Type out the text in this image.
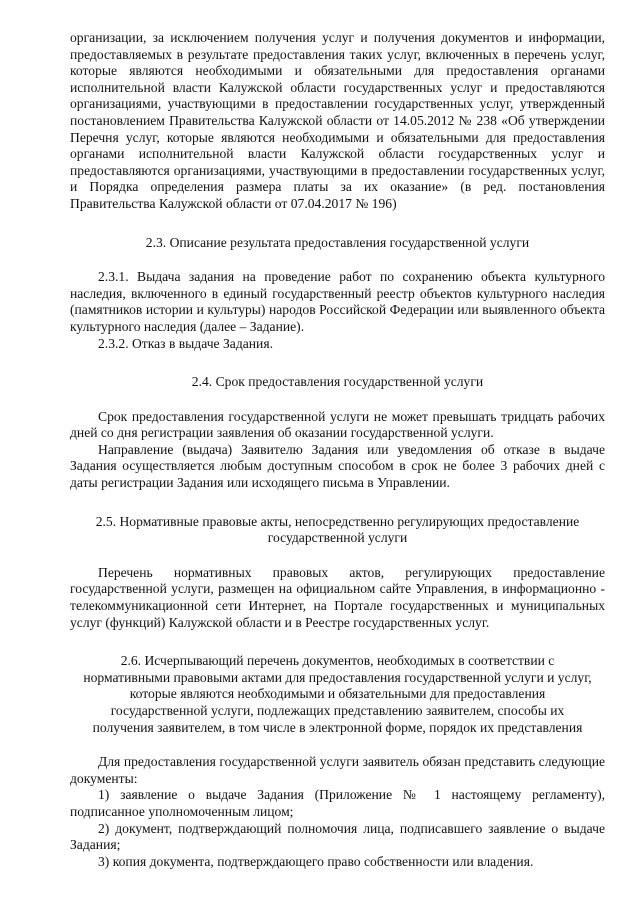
организации, за исключением получения услуг и получения документов и информации, предоставляемых в результате предоставления таких услуг, включенных в перечень услуг, которые являются необходимыми и обязательными для предоставления органами исполнительной власти Калужской области государственных услуг и предоставляются организациями, участвующими в предоставлении государственных услуг, утвержденный постановлением Правительства Калужской области от 14.05.2012 № 238 «Об утверждении Перечня услуг, которые являются необходимыми и обязательными для предоставления органами исполнительной власти Калужской области государственных услуг и предоставляются организациями, участвующими в предоставлении государственных услуг, и Порядка определения размера платы за их оказание» (в ред. постановления Правительства Калужской области от 07.04.2017 № 196)

2.3. Описание результата предоставления государственной услуги

2.3.1. Выдача задания на проведение работ по сохранению объекта культурного наследия, включенного в единый государственный реестр объектов культурного наследия (памятников истории и культуры) народов Российской Федерации или выявленного объекта культурного наследия (далее – Задание).

2.3.2. Отказ в выдаче Задания.

2.4. Срок предоставления государственной услуги

Срок предоставления государственной услуги не может превышать тридцать рабочих дней со дня регистрации заявления об оказании государственной услуги.

Направление (выдача) Заявителю Задания или уведомления об отказе в выдаче Задания осуществляется любым доступным способом в срок не более 3 рабочих дней с даты регистрации Задания или исходящего письма в Управлении.

2.5. Нормативные правовые акты, непосредственно регулирующих предоставление

государственной услуги

Перечень нормативных правовых актов, регулирующих предоставление государственной услуги, размещен на официальном сайте Управления, в информационно - телекоммуникационной сети Интернет, на Портале государственных и муниципальных услуг (функций) Калужской области и в Реестре государственных услуг.

2.6. Исчерпывающий перечень документов, необходимых в соответствии с

нормативными правовыми актами для предоставления государственной услуги и услуг,

которые являются необходимыми и обязательными для предоставления

государственной услуги, подлежащих представлению заявителем, способы их

получения заявителем, в том числе в электронной форме, порядок их представления

Для предоставления государственной услуги заявитель обязан представить следующие документы:

1) заявление о выдаче Задания (Приложение № 1 настоящему регламенту), подписанное уполномоченным лицом;

2) документ, подтверждающий полномочия лица, подписавшего заявление о выдаче Задания;

3) копия документа, подтверждающего право собственности или владения.
